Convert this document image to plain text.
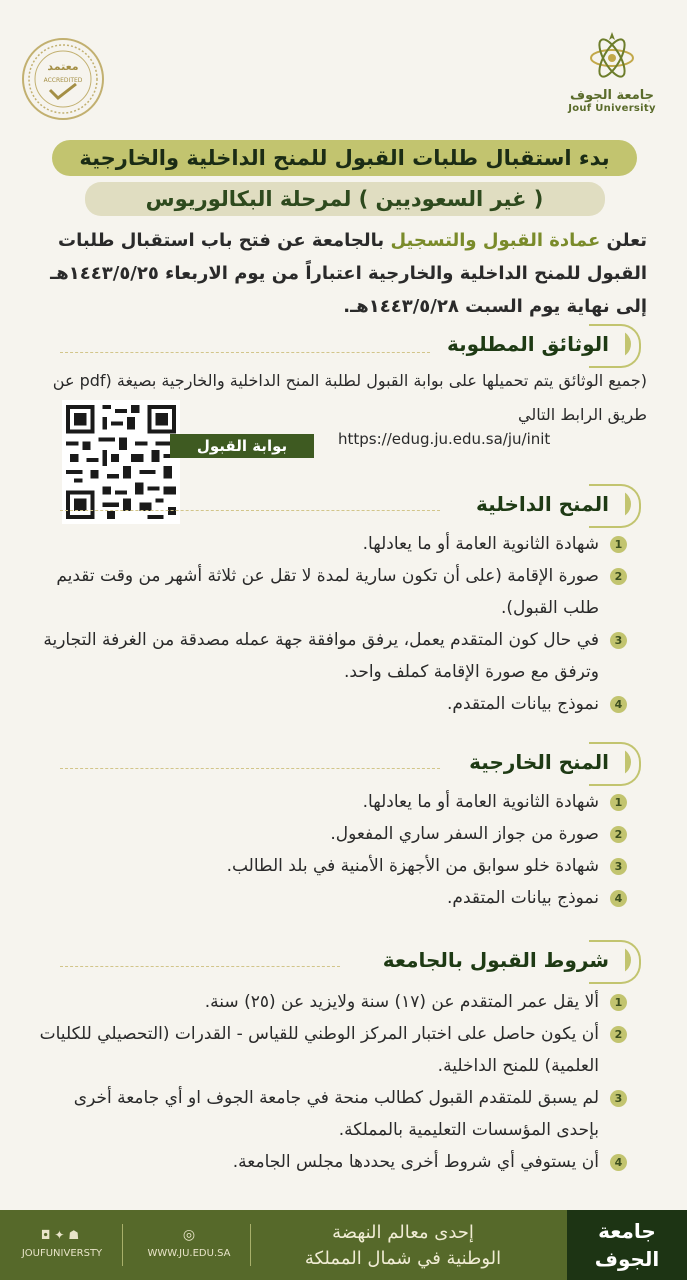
جامعة الجوف
Jouf University
معتمد
ACCREDITED
بدء استقبال طلبات القبول للمنح الداخلية والخارجية
( غير السعوديين ) لمرحلة البكالوريوس
تعلن عمادة القبول والتسجيل بالجامعة عن فتح باب استقبال طلبات القبول للمنح الداخلية والخارجية اعتباراً من يوم الاربعاء ١٤٤٣/٥/٢٥هـ إلى نهاية يوم السبت ١٤٤٣/٥/٢٨هـ.
الوثائق المطلوبة
(جميع الوثائق يتم تحميلها على بوابة القبول لطلبة المنح الداخلية والخارجية بصيغة (pdf عن طريق الرابط التالي
https://edug.ju.edu.sa/ju/init
بوابة القبول
المنح الداخلية
1
شهادة الثانوية العامة أو ما يعادلها.
2
صورة الإقامة (على أن تكون سارية لمدة لا تقل عن ثلاثة أشهر من وقت تقديم طلب القبول).
3
في حال كون المتقدم يعمل، يرفق موافقة جهة عمله مصدقة من الغرفة التجارية وترفق مع صورة الإقامة كملف واحد.
4
نموذج بيانات المتقدم.
المنح الخارجية
1
شهادة الثانوية العامة أو ما يعادلها.
2
صورة من جواز السفر ساري المفعول.
3
شهادة خلو سوابق من الأجهزة الأمنية في بلد الطالب.
4
نموذج بيانات المتقدم.
شروط القبول بالجامعة
1
ألا يقل عمر المتقدم عن (١٧) سنة ولايزيد عن (٢٥) سنة.
2
أن يكون حاصل على اختبار المركز الوطني للقياس - القدرات (التحصيلي للكليات العلمية) للمنح الداخلية.
3
لم يسبق للمتقدم القبول كطالب منحة في جامعة الجوف او أي جامعة أخرى بإحدى المؤسسات التعليمية بالمملكة.
4
أن يستوفي أي شروط أخرى يحددها مجلس الجامعة.
جامعة الجوف
إحدى معالم النهضة
الوطنية في شمال المملكة
◎
WWW.JU.EDU.SA
◘✦☗
JOUFUNIVERSTY
